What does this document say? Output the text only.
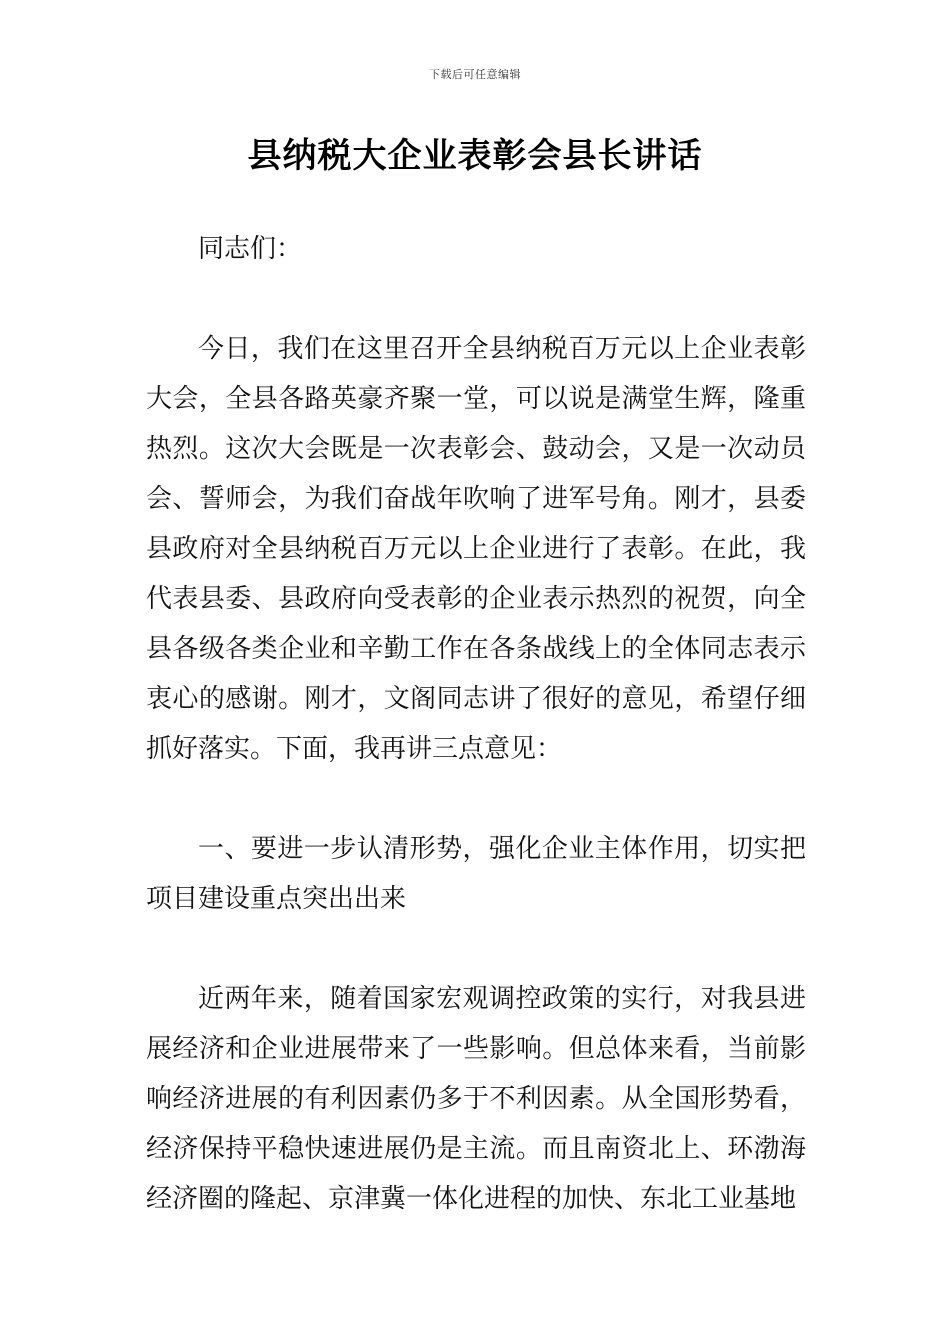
下载后可任意编辑
县纳税大企业表彰会县长讲话

同志们：

今日，我们在这里召开全县纳税百万元以上企业表彰大会，全县各路英豪齐聚一堂，可以说是满堂生辉，隆重热烈。这次大会既是一次表彰会、鼓动会，又是一次动员会、誓师会，为我们奋战年吹响了进军号角。刚才，县委县政府对全县纳税百万元以上企业进行了表彰。在此，我代表县委、县政府向受表彰的企业表示热烈的祝贺，向全县各级各类企业和辛勤工作在各条战线上的全体同志表示衷心的感谢。刚才，文阁同志讲了很好的意见，希望仔细抓好落实。下面，我再讲三点意见：

一、要进一步认清形势，强化企业主体作用，切实把项目建设重点突出出来

近两年来，随着国家宏观调控政策的实行，对我县进展经济和企业进展带来了一些影响。但总体来看，当前影响经济进展的有利因素仍多于不利因素。从全国形势看，经济保持平稳快速进展仍是主流。而且南资北上、环渤海经济圈的隆起、京津冀一体化进程的加快、东北工业基地
